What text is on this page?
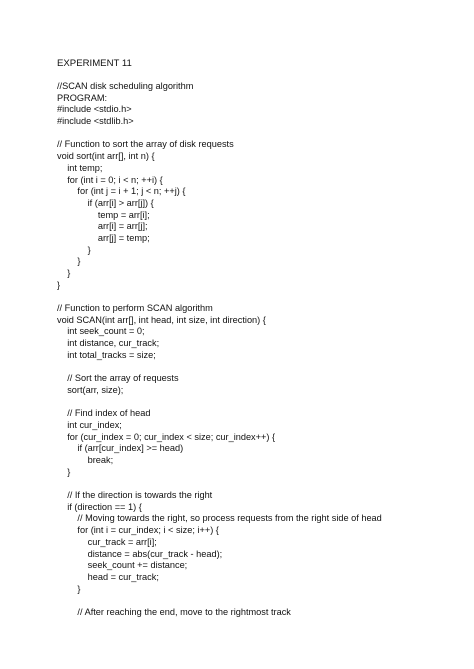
EXPERIMENT 11
//SCAN disk scheduling algorithm
PROGRAM:
#include <stdio.h>
#include <stdlib.h>
// Function to sort the array of disk requests
void sort(int arr[], int n) {
int temp;
for (int i = 0; i < n; ++i) {
for (int j = i + 1; j < n; ++j) {
if (arr[i] > arr[j]) {
temp = arr[i];
arr[i] = arr[j];
arr[j] = temp;
}
}
}
}
// Function to perform SCAN algorithm
void SCAN(int arr[], int head, int size, int direction) {
int seek_count = 0;
int distance, cur_track;
int total_tracks = size;
// Sort the array of requests
sort(arr, size);
// Find index of head
int cur_index;
for (cur_index = 0; cur_index < size; cur_index++) {
if (arr[cur_index] >= head)
break;
}
// If the direction is towards the right
if (direction == 1) {
// Moving towards the right, so process requests from the right side of head
for (int i = cur_index; i < size; i++) {
cur_track = arr[i];
distance = abs(cur_track - head);
seek_count += distance;
head = cur_track;
}
// After reaching the end, move to the rightmost track
